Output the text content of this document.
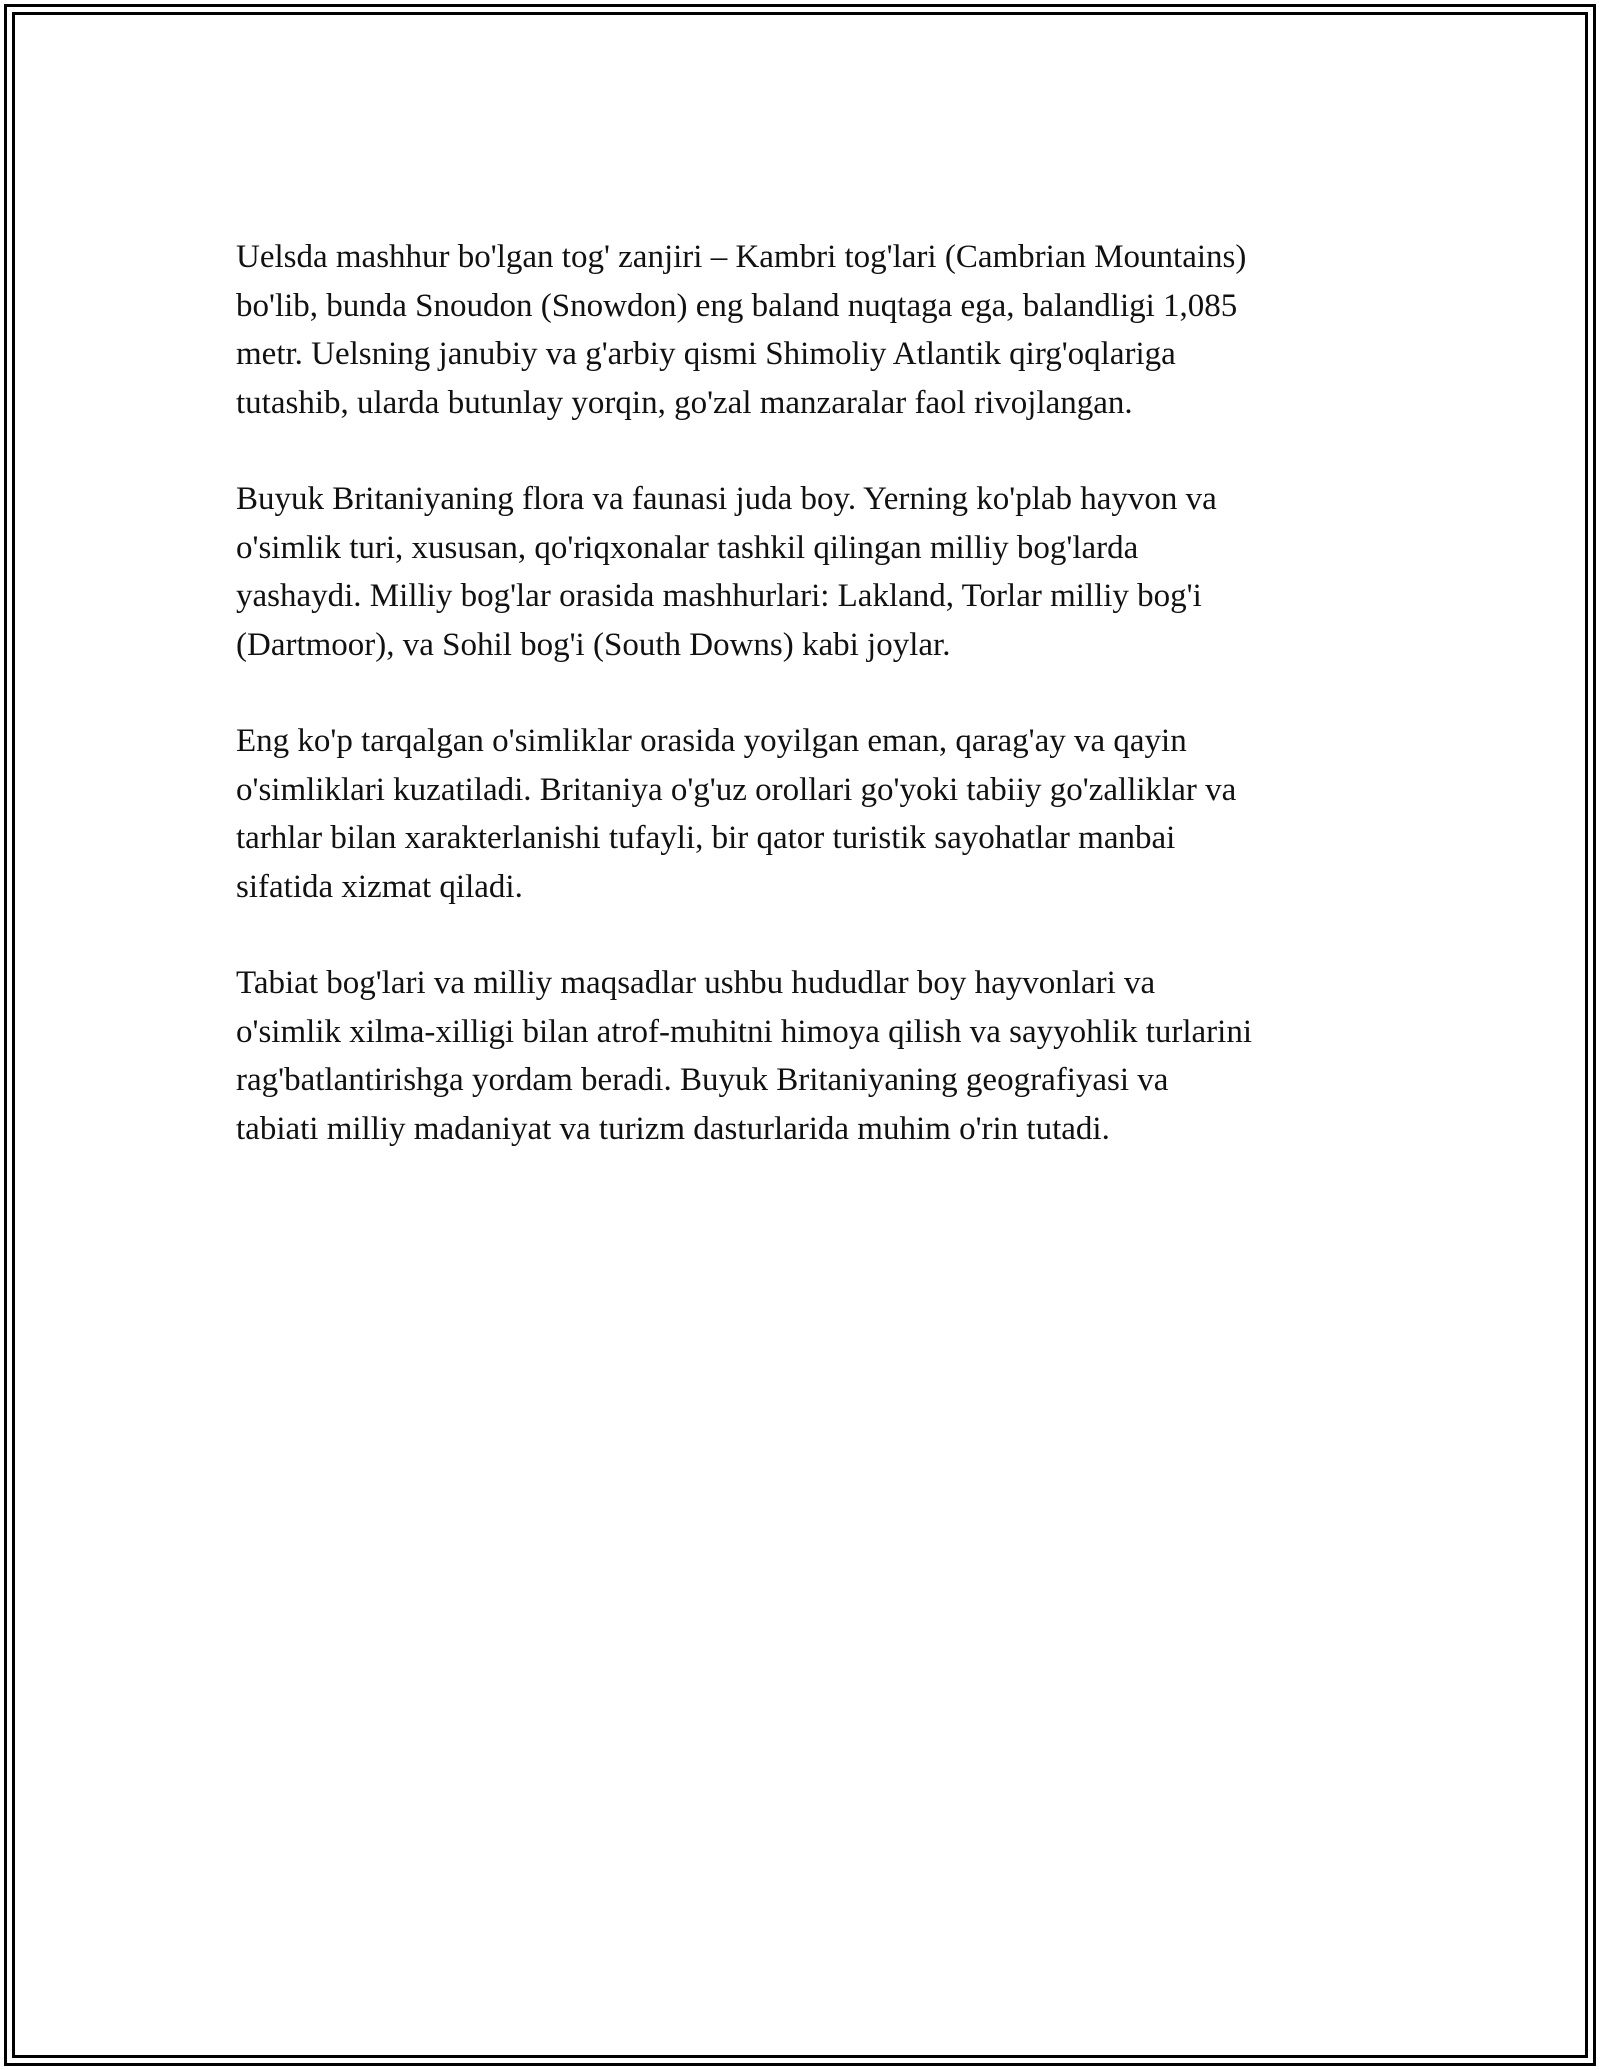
Uelsda mashhur bo'lgan tog' zanjiri – Kambri tog'lari (Cambrian Mountains)
bo'lib, bunda Snoudon (Snowdon) eng baland nuqtaga ega, balandligi 1,085
metr. Uelsning janubiy va g'arbiy qismi Shimoliy Atlantik qirg'oqlariga
tutashib, ularda butunlay yorqin, go'zal manzaralar faol rivojlangan.

Buyuk Britaniyaning flora va faunasi juda boy. Yerning ko'plab hayvon va
o'simlik turi, xususan, qo'riqxonalar tashkil qilingan milliy bog'larda
yashaydi. Milliy bog'lar orasida mashhurlari: Lakland, Torlar milliy bog'i
(Dartmoor), va Sohil bog'i (South Downs) kabi joylar.

Eng ko'p tarqalgan o'simliklar orasida yoyilgan eman, qarag'ay va qayin
o'simliklari kuzatiladi. Britaniya o'g'uz orollari go'yoki tabiiy go'zalliklar va
tarhlar bilan xarakterlanishi tufayli, bir qator turistik sayohatlar manbai
sifatida xizmat qiladi.

Tabiat bog'lari va milliy maqsadlar ushbu hududlar boy hayvonlari va
o'simlik xilma-xilligi bilan atrof-muhitni himoya qilish va sayyohlik turlarini
rag'batlantirishga yordam beradi. Buyuk Britaniyaning geografiyasi va
tabiati milliy madaniyat va turizm dasturlarida muhim o'rin tutadi.
